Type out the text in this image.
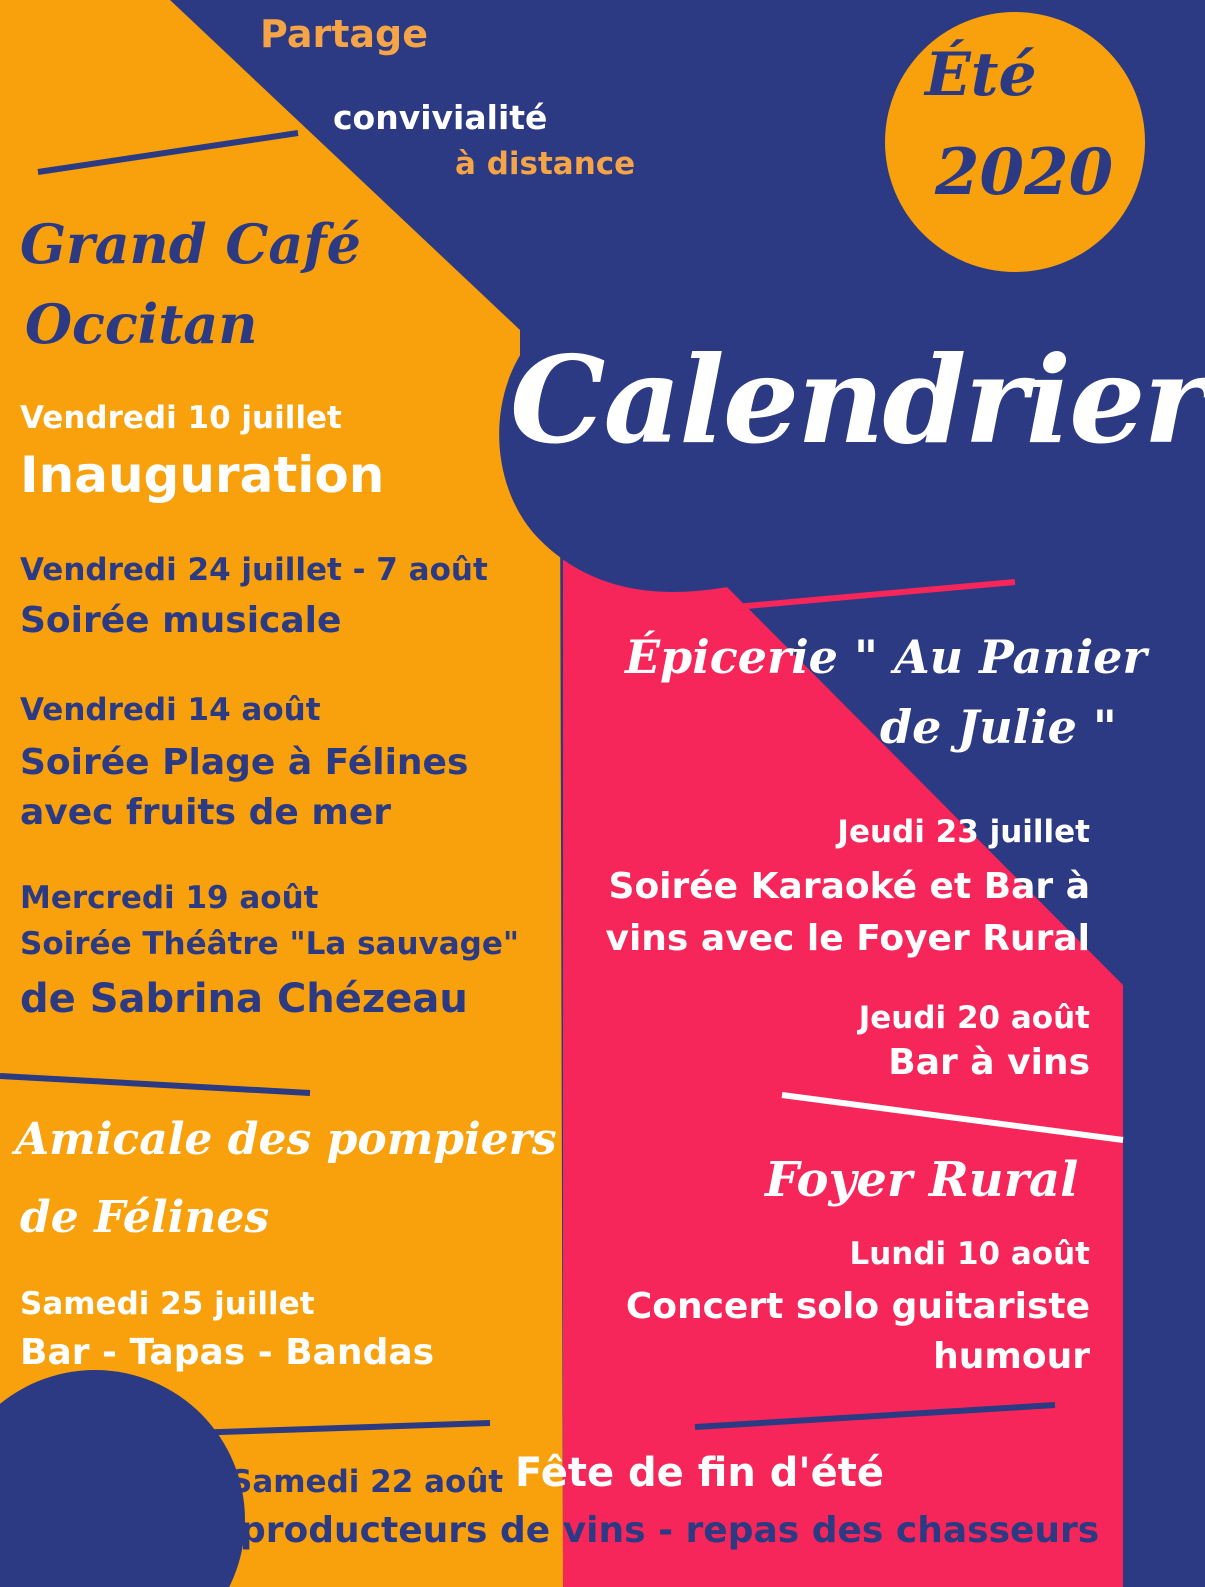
Partage

convivialité

à distance

Été

2020

Calendrier

Grand Café

Occitan

Vendredi 10 juillet

Inauguration

Vendredi 24 juillet - 7 août

Soirée musicale

Vendredi 14 août

Soirée Plage à Félines

avec fruits de mer

Mercredi 19 août

Soirée Théâtre "La sauvage"

de Sabrina Chézeau

Amicale des pompiers

de Félines

Samedi 25 juillet

Bar - Tapas - Bandas

Épicerie " Au Panier

de Julie "

Jeudi 23 juillet

Soirée Karaoké et Bar à

vins avec le Foyer Rural

Jeudi 20 août

Bar à vins

Foyer Rural

Lundi 10 août

Concert solo guitariste

humour

Samedi 22 août Fête de fin d'été

producteurs de vins - repas des chasseurs
